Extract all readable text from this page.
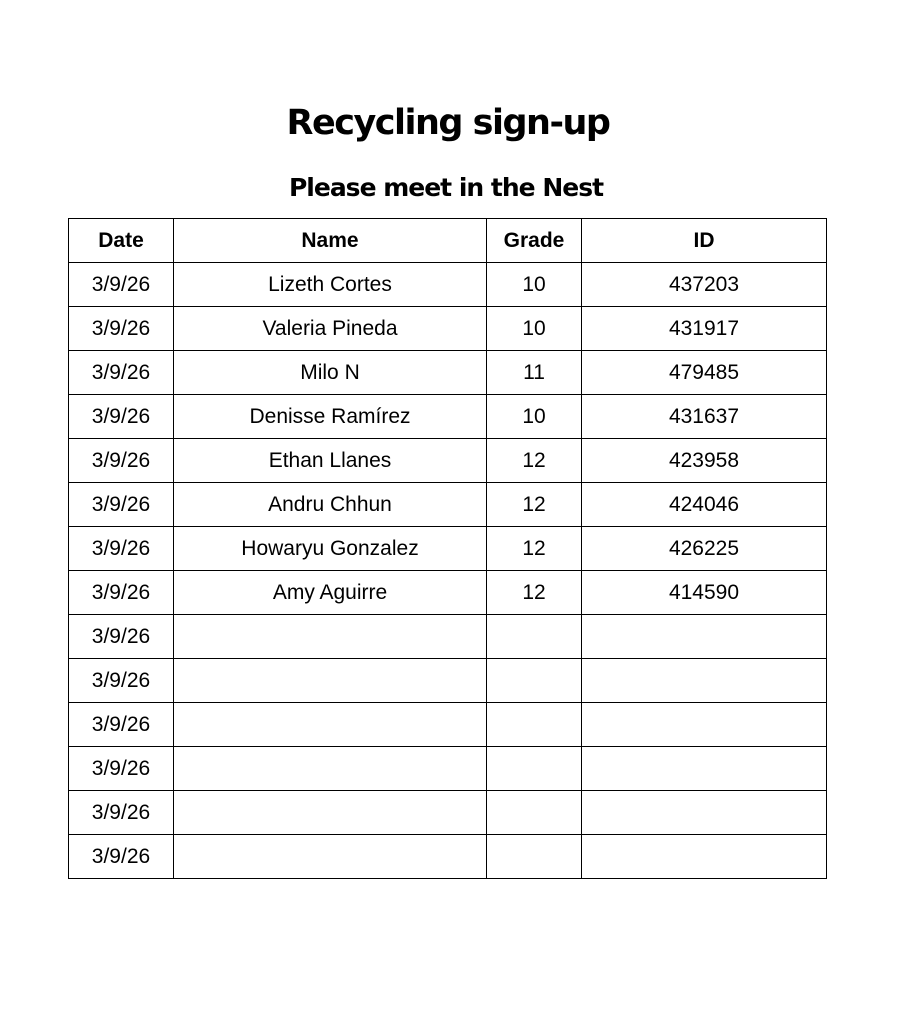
Recycling sign-up
Please meet in the Nest
Date	Name	Grade	ID
3/9/26	Lizeth Cortes	10	437203
3/9/26	Valeria Pineda	10	431917
3/9/26	Milo N	11	479485
3/9/26	Denisse Ramírez	10	431637
3/9/26	Ethan Llanes	12	423958
3/9/26	Andru Chhun	12	424046
3/9/26	Howaryu Gonzalez	12	426225
3/9/26	Amy Aguirre	12	414590
3/9/26			
3/9/26			
3/9/26			
3/9/26			
3/9/26			
3/9/26			
